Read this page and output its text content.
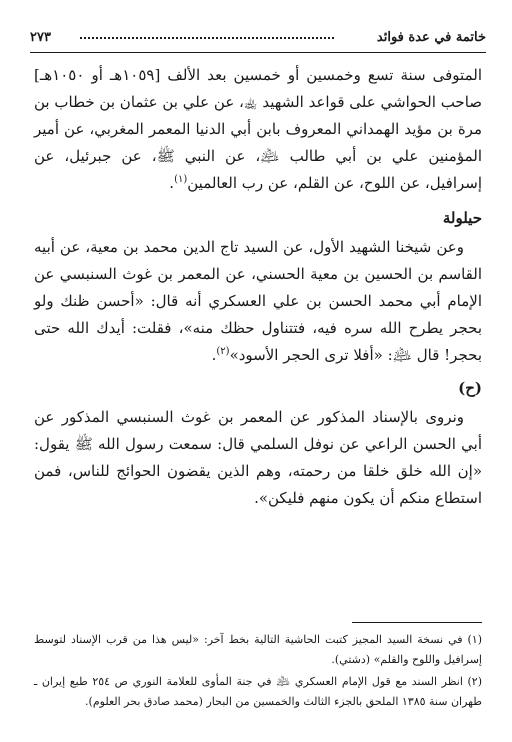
خاتمة في عدة فوائد
٢٧٣

المتوفى سنة تسع وخمسين أو خمسين بعد الألف [١٠٥٩هـ أو ١٠٥٠هـ] صاحب الحواشي على قواعد الشهيد ﵀، عن علي بن عثمان بن خطاب بن مرة بن مؤيد الهمداني المعروف بابن أبي الدنيا المعمر المغربي، عن أمير المؤمنين علي بن أبي طالب ﵇، عن النبي ﷺ، عن جبرئيل، عن إسرافيل، عن اللوح، عن القلم، عن رب العالمين$^{(١)}$.

حيلولة

وعن شيخنا الشهيد الأول، عن السيد تاج الدين محمد بن معية، عن أبيه القاسم بن الحسين بن معية الحسني، عن المعمر بن غوث السنبسي عن الإمام أبي محمد الحسن بن علي العسكري أنه قال: «أحسن ظنك ولو بحجر يطرح الله سره فيه، فتتناول حظك منه»، فقلت: أيدك الله حتى بحجر! قال ﵇: «أفلا ترى الحجر الأسود»$^{(٢)}$.

(ح)

ونروى بالإسناد المذكور عن المعمر بن غوث السنبسي المذكور عن أبي الحسن الراعي عن نوفل السلمي قال: سمعت رسول الله ﷺ يقول: «إن الله خلق خلقا من رحمته، وهم الذين يقضون الحوائج للناس، فمن استطاع منكم أن يكون منهم فليكن».

(١) في نسخة السيد المجيز كتبت الحاشية التالية بخط آخر: «ليس هذا من قرب الإسناد لتوسط إسرافيل واللوح والقلم» (دشتي).

(٢) انظر السند مع قول الإمام العسكري ﵇ في جنة المأوى للعلامة النوري ص ٢٥٤ طبع إيران ـ طهران سنة ١٣٨٥ الملحق بالجزء الثالث والخمسين من البحار (محمد صادق بحر العلوم).
